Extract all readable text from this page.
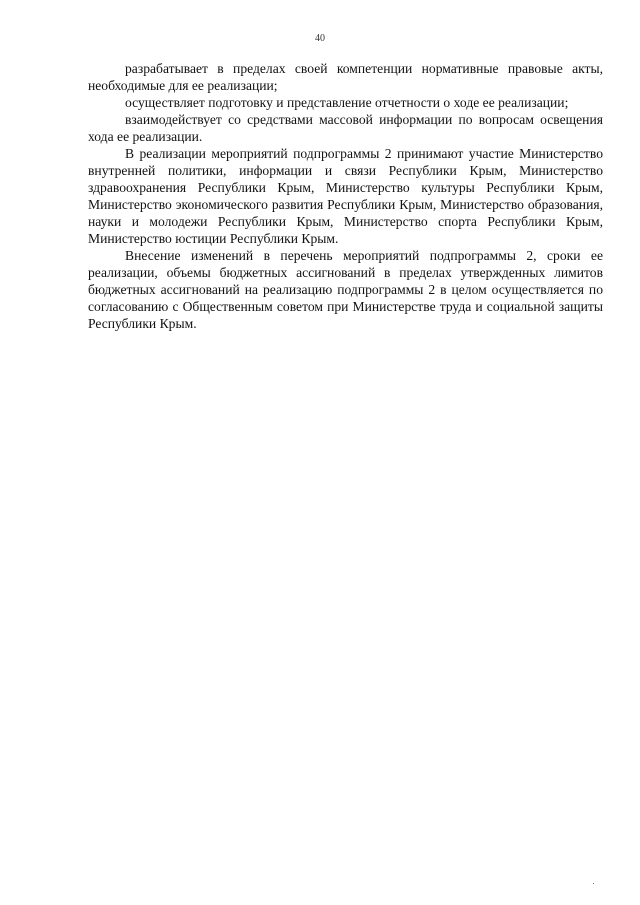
40

разрабатывает в пределах своей компетенции нормативные правовые акты, необходимые для ее реализации;

осуществляет подготовку и представление отчетности о ходе ее реализации;

взаимодействует со средствами массовой информации по вопросам освещения хода ее реализации.

В реализации мероприятий подпрограммы 2 принимают участие Министерство внутренней политики, информации и связи Республики Крым, Министерство здравоохранения Республики Крым, Министерство культуры Республики Крым, Министерство экономического развития Республики Крым, Министерство образования, науки и молодежи Республики Крым, Министерство спорта Республики Крым, Министерство юстиции Республики Крым.

Внесение изменений в перечень мероприятий подпрограммы 2, сроки ее реализации, объемы бюджетных ассигнований в пределах утвержденных лимитов бюджетных ассигнований на реализацию подпрограммы 2 в целом осуществляется по согласованию с Общественным советом при Министерстве труда и социальной защиты Республики Крым.
